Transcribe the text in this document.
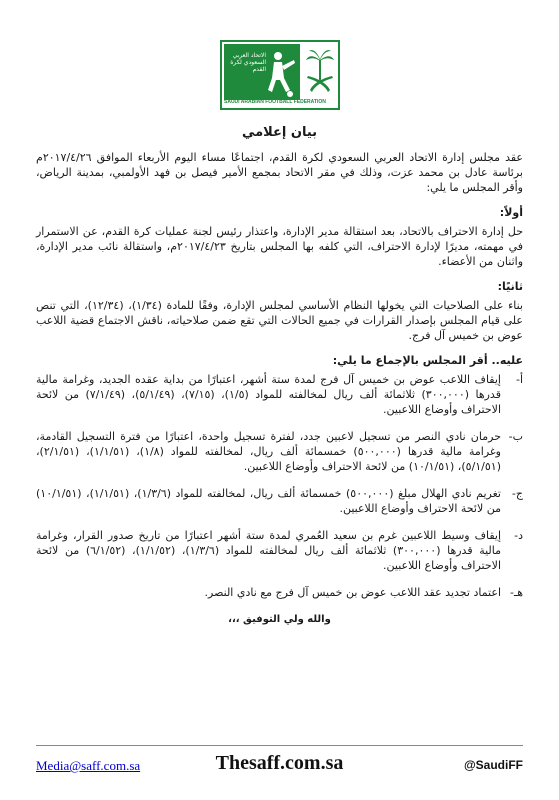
الاتحاد العربي السعودي لكرة القدم
SAUDI ARABIAN FOOTBALL FEDERATION
بيان إعلامي
عقد مجلس إدارة الاتحاد العربي السعودي لكرة القدم، اجتماعًا مساء اليوم الأربعاء الموافق ٢٠١٧/٤/٢٦م برئاسة عادل بن محمد عزت، وذلك في مقر الاتحاد بمجمع الأمير فيصل بن فهد الأولمبي، بمدينة الرياض، وأقر المجلس ما يلي:
أولاً:
حل إدارة الاحتراف بالاتحاد، بعد استقالة مدير الإدارة، واعتذار رئيس لجنة عمليات كرة القدم، عن الاستمرار في مهمته، مديرًا لإدارة الاحتراف، التي كلفه بها المجلس بتاريخ ٢٠١٧/٤/٢٣م، واستقالة نائب مدير الإدارة، واثنان من الأعضاء.
ثانيًا:
بناء على الصلاحيات التي يخولها النظام الأساسي لمجلس الإدارة، وفقًا للمادة (١/٣٤)، (١٢/٣٤)، التي تنص على قيام المجلس بإصدار القرارات في جميع الحالات التي تقع ضمن صلاحياته، ناقش الاجتماع قضية اللاعب عوض بن خميس آل فرج.
عليه.. أقر المجلس بالإجماع ما يلي:
أ-
إيقاف اللاعب عوض بن خميس آل فرج لمدة ستة أشهر، اعتبارًا من بداية عقده الجديد، وغرامة مالية قدرها (٣٠٠,٠٠٠) ثلاثمائة ألف ريال لمخالفته للمواد (١/٥)، (٧/١٥)، (٥/١/٤٩)، (٧/١/٤٩) من لائحة الاحتراف وأوضاع اللاعبين.
ب-
حرمان نادي النصر من تسجيل لاعبين جدد، لفترة تسجيل واحدة، اعتبارًا من فترة التسجيل القادمة، وغرامة مالية قدرها (٥٠٠,٠٠٠) خمسمائة ألف ريال، لمخالفته للمواد (١/٨)، (١/١/٥١)، (٢/١/٥١)، (٥/١/٥١)، (١٠/١/٥١) من لائحة الاحتراف وأوضاع اللاعبين.
ج-
تغريم نادي الهلال مبلغ (٥٠٠,٠٠٠) خمسمائة ألف ريال، لمخالفته للمواد (١/٣/٦)، (١/١/٥١)، (١٠/١/٥١) من لائحة الاحتراف وأوضاع اللاعبين.
د-
إيقاف وسيط اللاعبين غرم بن سعيد العُمري لمدة ستة أشهر اعتبارًا من تاريخ صدور القرار، وغرامة مالية قدرها (٣٠٠,٠٠٠) ثلاثمائة ألف ريال لمخالفته للمواد (١/٣/٦)، (١/١/٥٢)، (٦/١/٥٢) من لائحة الاحتراف وأوضاع اللاعبين.
هـ-
اعتماد تجديد عقد اللاعب عوض بن خميس آل فرج مع نادي النصر.
والله ولي التوفيق ،،،
Media@saff.com.sa	Thesaff.com.sa	@SaudiFF
